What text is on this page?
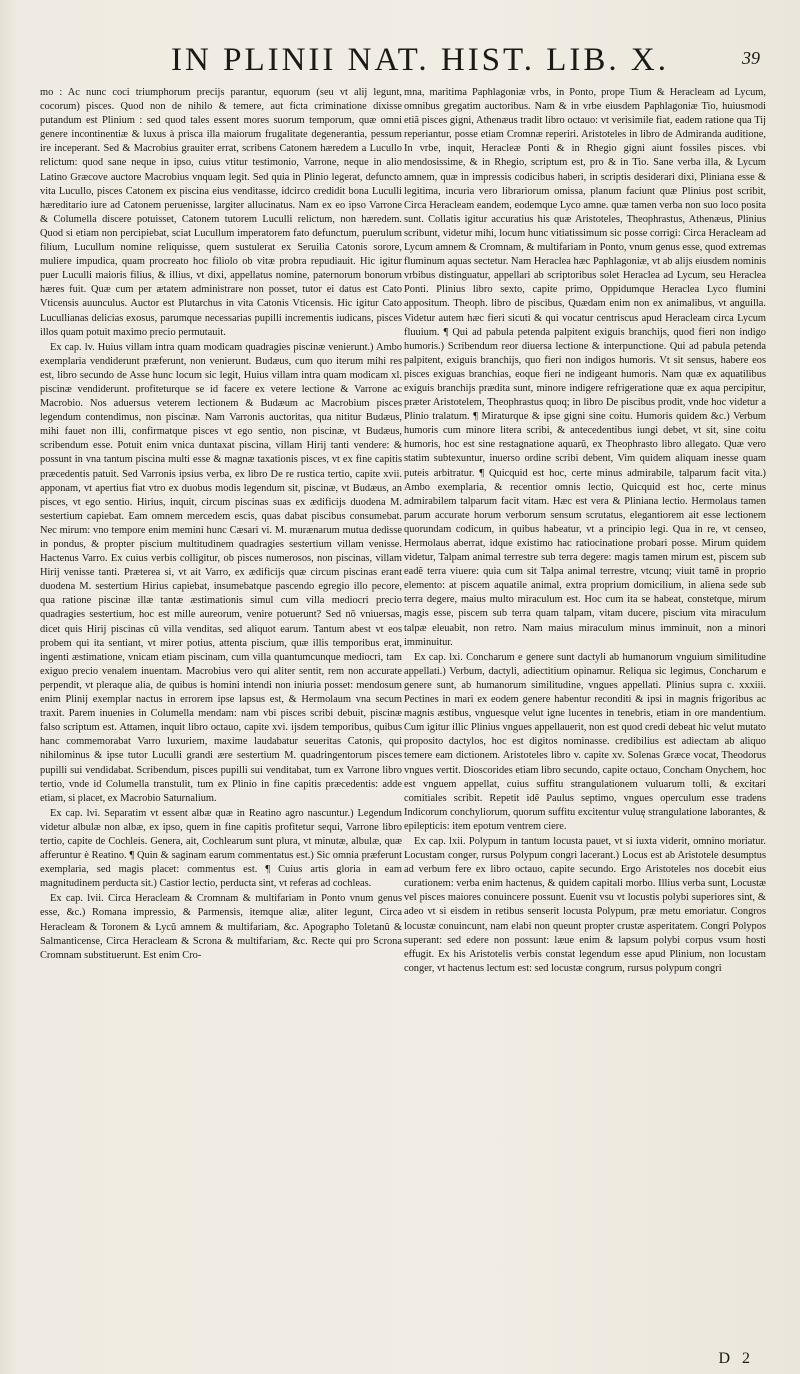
IN PLINII NAT. HIST. LIB. X.	39

mo : Ac nunc coci triumphorum precijs parantur, equorum (seu vt alij legunt, cocorum) pisces. Quod non de nihilo & temere, aut ficta criminatione dixisse putandum est Plinium : sed quod tales essent mores suorum temporum, quæ omni genere incontinentiæ & luxus à prisca illa maiorum frugalitate degenerantia, pessum ire inceperant. Sed & Macrobius grauiter errat, scribens Catonem hæredem a Lucullo relictum: quod sane neque in ipso, cuius vtitur testimonio, Varrone, neque in alio Latino Græcove auctore Macrobius vnquam legit. Sed quia in Plinio legerat, defuncto vita Lucullo, pisces Catonem ex piscina eius venditasse, idcirco credidit bona Luculli hæreditario iure ad Catonem peruenisse, largiter allucinatus. Nam ex eo ipso Varrone & Columella discere potuisset, Catonem tutorem Luculli relictum, non hæredem. Quod si etiam non percipiebat, sciat Lucullum imperatorem fato defunctum, puerulum filium, Lucullum nomine reliquisse, quem sustulerat ex Seruilia Catonis sorore, muliere impudica, quam procreato hoc filiolo ob vitæ probra repudiauit. Hic igitur puer Luculli maioris filius, & illius, vt dixi, appellatus nomine, paternorum bonorum hæres fuit. Quæ cum per ætatem administrare non posset, tutor ei datus est Cato Vticensis auunculus. Auctor est Plutarchus in vita Catonis Vticensis. Hic igitur Cato Lucullianas delicias exosus, parumque necessarias pupilli incrementis iudicans, pisces illos quam potuit maximo precio permutauit.

Ex cap. lv. Huius villam intra quam modicam quadragies piscinæ venierunt.) Ambo exemplaria vendiderunt præferunt, non venierunt. Budæus, cum quo iterum mihi res est, libro secundo de Asse hunc locum sic legit, Huius villam intra quam modicam xl. piscinæ vendiderunt. profiteturque se id facere ex vetere lectione & Varrone ac Macrobio. Nos aduersus veterem lectionem & Budæum ac Macrobium pisces legendum contendimus, non piscinæ. Nam Varronis auctoritas, qua nititur Budæus, mihi fauet non illi, confirmatque pisces vt ego sentio, non piscinæ, vt Budæus, scribendum esse. Potuit enim vnica duntaxat piscina, villam Hirij tanti vendere: & possunt in vna tantum piscina multi esse & magnæ taxationis pisces, vt ex fine capitis præcedentis patuit. Sed Varronis ipsius verba, ex libro De re rustica tertio, capite xvii. apponam, vt apertius fiat vtro ex duobus modis legendum sit, piscinæ, vt Budæus, an pisces, vt ego sentio. Hirius, inquit, circum piscinas suas ex ædificijs duodena M. sestertium capiebat. Eam omnem mercedem escis, quas dabat piscibus consumebat. Nec mirum: vno tempore enim memini hunc Cæsari vi. M. murænarum mutua dedisse in pondus, & propter piscium multitudinem quadragies sestertium villam venisse. Hactenus Varro. Ex cuius verbis colligitur, ob pisces numerosos, non piscinas, villam Hirij venisse tanti. Præterea si, vt ait Varro, ex ædificijs quæ circum piscinas erant duodena M. sestertium Hirius capiebat, insumebatque pascendo egregio illo pecore, qua ratione piscinæ illæ tantæ æstimationis simul cum villa mediocri precio quadragies sestertium, hoc est mille aureorum, venire potuerunt? Sed nõ vniuersas, dicet quis Hirij piscinas cũ villa venditas, sed aliquot earum. Tantum abest vt eos probem qui ita sentiant, vt mirer potius, attenta piscium, quæ illis temporibus erat, ingenti æstimatione, vnicam etiam piscinam, cum villa quantumcunque mediocri, tam exiguo precio venalem inuentam. Macrobius vero qui aliter sentit, rem non accurate perpendit, vt pleraque alia, de quibus is homini intendi non iniuria posset: mendosum enim Plinij exemplar nactus in errorem ipse lapsus est, & Hermolaum vna secum traxit. Parem inuenies in Columella mendam: nam vbi pisces scribi debuit, piscinæ falso scriptum est. Attamen, inquit libro octauo, capite xvi. ijsdem temporibus, quibus hanc commemorabat Varro luxuriem, maxime laudabatur seueritas Catonis, qui nihilominus & ipse tutor Luculli grandi ære sestertium M. quadringentorum pisces pupilli sui vendidabat. Scribendum, pisces pupilli sui venditabat, tum ex Varrone libro tertio, vnde id Columella transtulit, tum ex Plinio in fine capitis præcedentis: adde etiam, si placet, ex Macrobio Saturnalium.

Ex cap. lvi. Separatim vt essent albæ quæ in Reatino agro nascuntur.) Legendum videtur albulæ non albæ, ex ipso, quem in fine capitis profitetur sequi, Varrone libro tertio, capite de Cochleis. Genera, ait, Cochlearum sunt plura, vt minutæ, albulæ, quæ afferuntur è Reatino. ¶ Quin & saginam earum commentatus est.) Sic omnia præferunt exemplaria, sed magis placet: commentus est. ¶ Cuius artis gloria in eam magnitudinem perducta sit.) Castior lectio, perducta sint, vt referas ad cochleas.

Ex cap. lvii. Circa Heracleam & Cromnam & multifariam in Ponto vnum genus esse, &c.) Romana impressio, & Parmensis, itemque aliæ, aliter legunt, Circa Heracleam & Toronem & Lycũ amnem & multifariam, &c. Apographo Toletanũ & Salmanticense, Circa Heracleam & Scrona & multifariam, &c. Recte qui pro Scrona Cromnam substituerunt. Est enim Cro-

mna, maritima Paphlagoniæ vrbs, in Ponto, prope Tium & Heracleam ad Lycum, omnibus gregatim auctoribus. Nam & in vrbe eiusdem Paphlagoniæ Tio, huiusmodi etiã pisces gigni, Athenæus tradit libro octauo: vt verisimile fiat, eadem ratione qua Tij reperiantur, posse etiam Cromnæ reperiri. Aristoteles in libro de Admiranda auditione, In vrbe, inquit, Heracleæ Ponti & in Rhegio gigni aiunt fossiles pisces. vbi mendosissime, & in Rhegio, scriptum est, pro & in Tio. Sane verba illa, & Lycum amnem, quæ in impressis codicibus haberi, in scriptis desiderari dixi, Pliniana esse & legitima, incuria vero librariorum omissa, planum faciunt quæ Plinius post scribit, Circa Heracleam eandem, eodemque Lyco amne. quæ tamen verba non suo loco posita sunt. Collatis igitur accuratius his quæ Aristoteles, Theophrastus, Athenæus, Plinius scribunt, videtur mihi, locum hunc vitiatissimum sic posse corrigi: Circa Heracleam ad Lycum amnem & Cromnam, & multifariam in Ponto, vnum genus esse, quod extremas fluminum aquas sectetur. Nam Heraclea hæc Paphlagoniæ, vt ab alijs eiusdem nominis vrbibus distinguatur, appellari ab scriptoribus solet Heraclea ad Lycum, seu Heraclea Ponti. Plinius libro sexto, capite primo, Oppidumque Heraclea Lyco flumini appositum. Theoph. libro de piscibus, Quædam enim non ex animalibus, vt anguilla. Videtur autem hæc fieri sicuti & qui vocatur centriscus apud Heracleam circa Lycum fluuium. ¶ Qui ad pabula petenda palpitent exiguis branchijs, quod fieri non indigo humoris.) Scribendum reor diuersa lectione & interpunctione. Qui ad pabula petenda palpitent, exiguis branchijs, quo fieri non indigos humoris. Vt sit sensus, habere eos pisces exiguas branchias, eoque fieri ne indigeant humoris. Nam quæ ex aquatilibus exiguis branchijs prædita sunt, minore indigere refrigeratione quæ ex aqua percipitur, præter Aristotelem, Theophrastus quoq; in libro De piscibus prodit, vnde hoc videtur a Plinio tralatum. ¶ Miraturque & ipse gigni sine coitu. Humoris quidem &c.) Verbum humoris cum minore litera scribi, & antecedentibus iungi debet, vt sit, sine coitu humoris, hoc est sine restagnatione aquarũ, ex Theophrasto libro allegato. Quæ vero statim subtexuntur, inuerso ordine scribi debent, Vim quidem aliquam inesse quam puteis arbitratur. ¶ Quicquid est hoc, certe minus admirabile, talparum facit vita.) Ambo exemplaria, & recentior omnis lectio, Quicquid est hoc, certe minus admirabilem talparum facit vitam. Hæc est vera & Pliniana lectio. Hermolaus tamen parum accurate horum verborum sensum scrutatus, elegantiorem ait esse lectionem quorundam codicum, in quibus habeatur, vt a principio legi. Qua in re, vt censeo, Hermolaus aberrat, idque existimo hac ratiocinatione probari posse. Mirum quidem videtur, Talpam animal terrestre sub terra degere: magis tamen mirum est, piscem sub eadẽ terra viuere: quia cum sit Talpa animal terrestre, vtcunq; viuit tamẽ in proprio elemento: at piscem aquatile animal, extra proprium domicilium, in aliena sede sub terra degere, maius multo miraculum est. Hoc cum ita se habeat, constetque, mirum magis esse, piscem sub terra quam talpam, vitam ducere, piscium vita miraculum talpæ eleuabit, non retro. Nam maius miraculum minus imminuit, non a minori imminuitur.

Ex cap. lxi. Concharum e genere sunt dactyli ab humanorum vnguium similitudine appellati.) Verbum, dactyli, adiectitium opinamur. Reliqua sic legimus, Concharum e genere sunt, ab humanorum similitudine, vngues appellati. Plinius supra c. xxxiii. Pectines in mari ex eodem genere habentur reconditi & ipsi in magnis frigoribus ac magnis æstibus, vnguesque velut igne lucentes in tenebris, etiam in ore mandentium. Cum igitur illic Plinius vngues appellauerit, non est quod credi debeat hic velut mutato proposito dactylos, hoc est digitos nominasse. credibilius est adiectam ab aliquo temere eam dictionem. Aristoteles libro v. capite xv. Solenas Græce vocat, Theodorus vngues vertit. Dioscorides etiam libro secundo, capite octauo, Concham Onychem, hoc est vnguem appellat, cuius suffitu strangulationem vuluarum tolli, & excitari comitiales scribit. Repetit idẽ Paulus septimo, vngues operculum esse tradens Indicorum conchyliorum, quorum suffitu excitentur vuluę strangulatione laborantes, & epilepticis: item epotum ventrem ciere.

Ex cap. lxii. Polypum in tantum locusta pauet, vt si iuxta viderit, omnino moriatur. Locustam conger, rursus Polypum congri lacerant.) Locus est ab Aristotele desumptus ad verbum fere ex libro octauo, capite secundo. Ergo Aristoteles nos docebit eius curationem: verba enim hactenus, & quidem capitali morbo. Illius verba sunt, Locustæ vel pisces maiores conuincere possunt. Euenit vsu vt locustis polybi superiores sint, & adeo vt si eisdem in retibus senserit locusta Polypum, præ metu emoriatur. Congros locustæ conuincunt, nam elabi non queunt propter crustæ asperitatem. Congri Polypos superant: sed edere non possunt: læue enim & lapsum polybi corpus vsum hosti effugit. Ex his Aristotelis verbis constat legendum esse apud Plinium, non locustam conger, vt hactenus lectum est: sed locustæ congrum, rursus polypum congri

D 2
